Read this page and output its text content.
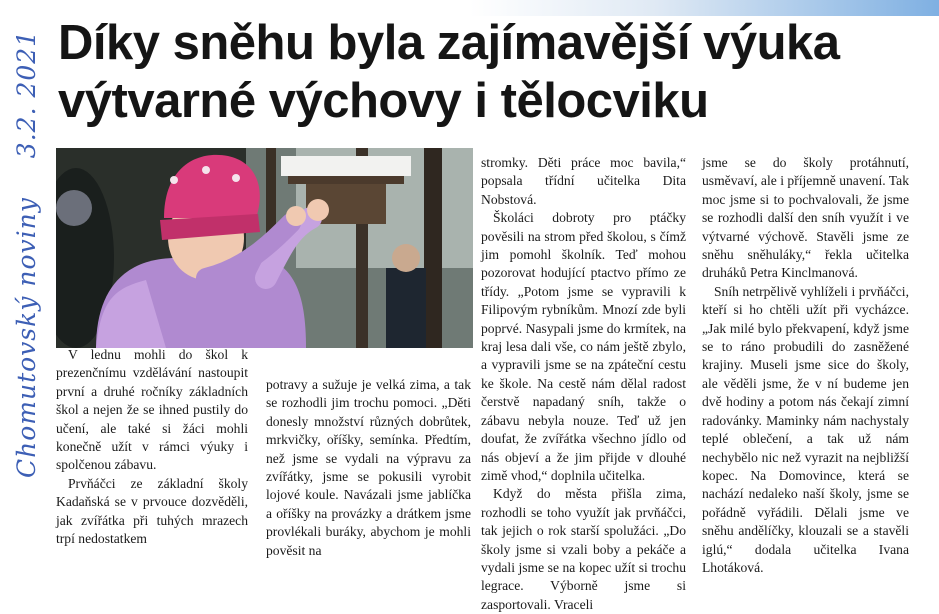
Díky sněhu byla zajímavější výuka
výtvarné výchovy i tělocviku
Chomutovský noviny 3.2. 2021

V lednu mohli do škol k prezenčnímu vzdělávání nastoupit první a druhé ročníky základních škol a nejen že se ihned pustily do učení, ale také si žáci mohli konečně užít v rámci výuky i spolčenou zábavu.

Prvňáčci ze základní školy Kadaňská se v prvouce dozvěděli, jak zvířátka při tuhých mrazech trpí nedostatkem

potravy a sužuje je velká zima, a tak se rozhodli jim trochu pomoci. „Děti donesly množství různých dobrůtek, mrkvičky, oříšky, semínka. Předtím, než jsme se vydali na výpravu za zvířátky, jsme se pokusili vyrobit lojové koule. Navázali jsme jablíčka a oříšky na provázky a drátkem jsme provlékali buráky, abychom je mohli pověsit na

stromky. Děti práce moc bavila,“ popsala třídní učitelka Dita Nobstová.

Školáci dobroty pro ptáčky pověsili na strom před školou, s čímž jim pomohl školník. Teď mohou pozorovat hodující ptactvo přímo ze třídy. „Potom jsme se vypravili k Filipovým rybníkům. Mnozí zde byli poprvé. Nasypali jsme do krmítek, na kraj lesa dali vše, co nám ještě zbylo, a vypravili jsme se na zpáteční cestu ke škole. Na cestě nám dělal radost čerstvě napadaný sníh, takže o zábavu nebyla nouze. Teď už jen doufat, že zvířátka všechno jídlo od nás objeví a že jim přijde v dlouhé zimě vhod,“ doplnila učitelka.

Když do města přišla zima, rozhodli se toho využít jak prvňáčci, tak jejich o rok starší spolužáci. „Do školy jsme si vzali boby a pekáče a vydali jsme se na kopec užít si trochu legrace. Výborně jsme si zasportovali. Vraceli

jsme se do školy protáhnutí, usměvaví, ale i příjemně unavení. Tak moc jsme si to pochvalovali, že jsme se rozhodli další den sníh využít i ve výtvarné výchově. Stavěli jsme ze sněhu sněhuláky,“ řekla učitelka druháků Petra Kinclmanová.

Sníh netrpělivě vyhlíželi i prvňáčci, kteří si ho chtěli užít při vycházce. „Jak milé bylo překvapení, když jsme se to ráno probudili do zasněžené krajiny. Museli jsme sice do školy, ale věděli jsme, že v ní budeme jen dvě hodiny a potom nás čekají zimní radovánky. Maminky nám nachystaly teplé oblečení, a tak už nám nechybělo nic než vyrazit na nejbližší kopec. Na Domovince, která se nachází nedaleko naší školy, jsme se pořádně vyřádili. Dělali jsme ve sněhu andělíčky, klouzali se a stavěli iglú,“ dodala učitelka Ivana Lhotáková.
